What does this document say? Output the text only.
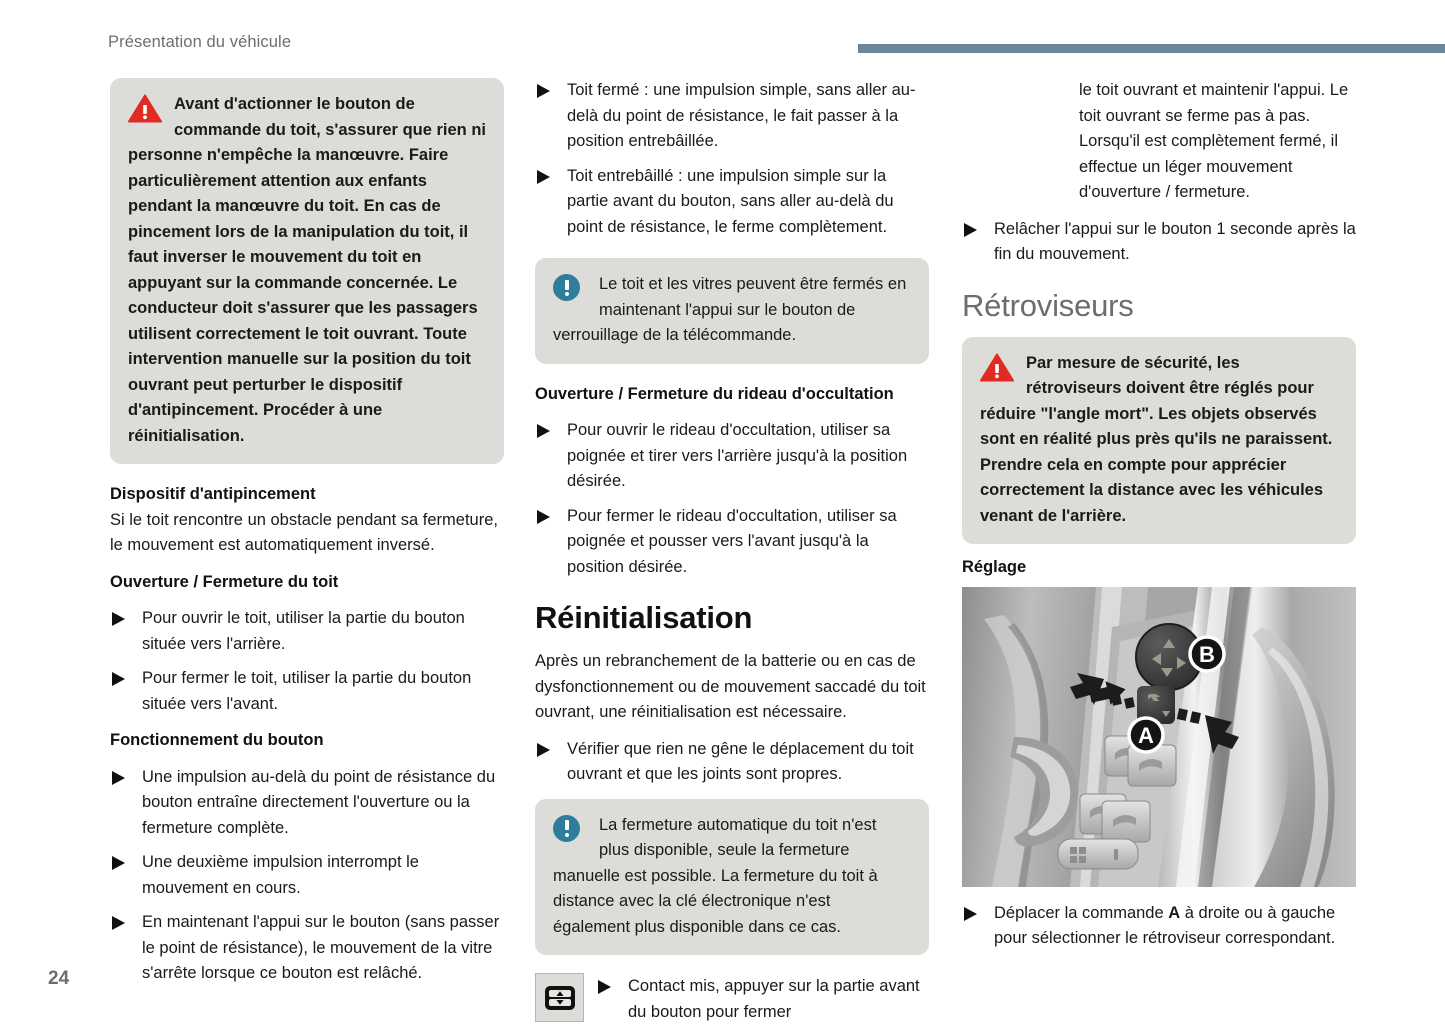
Présentation du véhicule

Avant d'actionner le bouton de commande du toit, s'assurer que rien ni personne n'empêche la manœuvre. Faire particulièrement attention aux enfants pendant la manœuvre du toit. En cas de pincement lors de la manipulation du toit, il faut inverser le mouvement du toit en appuyant sur la commande concernée. Le conducteur doit s'assurer que les passagers utilisent correctement le toit ouvrant. Toute intervention manuelle sur la position du toit ouvrant peut perturber le dispositif d'antipincement. Procéder à une réinitialisation.

Dispositif d'antipincement

Si le toit rencontre un obstacle pendant sa fermeture, le mouvement est automatiquement inversé.

Ouverture / Fermeture du toit
Pour ouvrir le toit, utiliser la partie du bouton située vers l'arrière.
Pour fermer le toit, utiliser la partie du bouton située vers l'avant.
Fonctionnement du bouton
Une impulsion au-delà du point de résistance du bouton entraîne directement l'ouverture ou la fermeture complète.
Une deuxième impulsion interrompt le mouvement en cours.
En maintenant l'appui sur le bouton (sans passer le point de résistance), le mouvement de la vitre s'arrête lorsque ce bouton est relâché.
Toit fermé : une impulsion simple, sans aller au-delà du point de résistance, le fait passer à la position entrebâillée.
Toit entrebâillé : une impulsion simple sur la partie avant du bouton, sans aller au-delà du point de résistance, le ferme complètement.

Le toit et les vitres peuvent être fermés en maintenant l'appui sur le bouton de verrouillage de la télécommande.

Ouverture / Fermeture du rideau d'occultation
Pour ouvrir le rideau d'occultation, utiliser sa poignée et tirer vers l'arrière jusqu'à la position désirée.
Pour fermer le rideau d'occultation, utiliser sa poignée et pousser vers l'avant jusqu'à la position désirée.
Réinitialisation

Après un rebranchement de la batterie ou en cas de dysfonctionnement ou de mouvement saccadé du toit ouvrant, une réinitialisation est nécessaire.

Vérifier que rien ne gêne le déplacement du toit ouvrant et que les joints sont propres.

La fermeture automatique du toit n'est plus disponible, seule la fermeture manuelle est possible. La fermeture du toit à distance avec la clé électronique n'est également plus disponible dans ce cas.

Contact mis, appuyer sur la partie avant du bouton pour fermer

le toit ouvrant et maintenir l'appui. Le toit ouvrant se ferme pas à pas. Lorsqu'il est complètement fermé, il effectue un léger mouvement d'ouverture / fermeture.

Relâcher l'appui sur le bouton 1 seconde après la fin du mouvement.
Rétroviseurs

Par mesure de sécurité, les rétroviseurs doivent être réglés pour réduire "l'angle mort". Les objets observés sont en réalité plus près qu'ils ne paraissent. Prendre cela en compte pour apprécier correctement la distance avec les véhicules venant de l'arrière.

Réglage
A
B
Déplacer la commande A à droite ou à gauche pour sélectionner le rétroviseur correspondant.
24
